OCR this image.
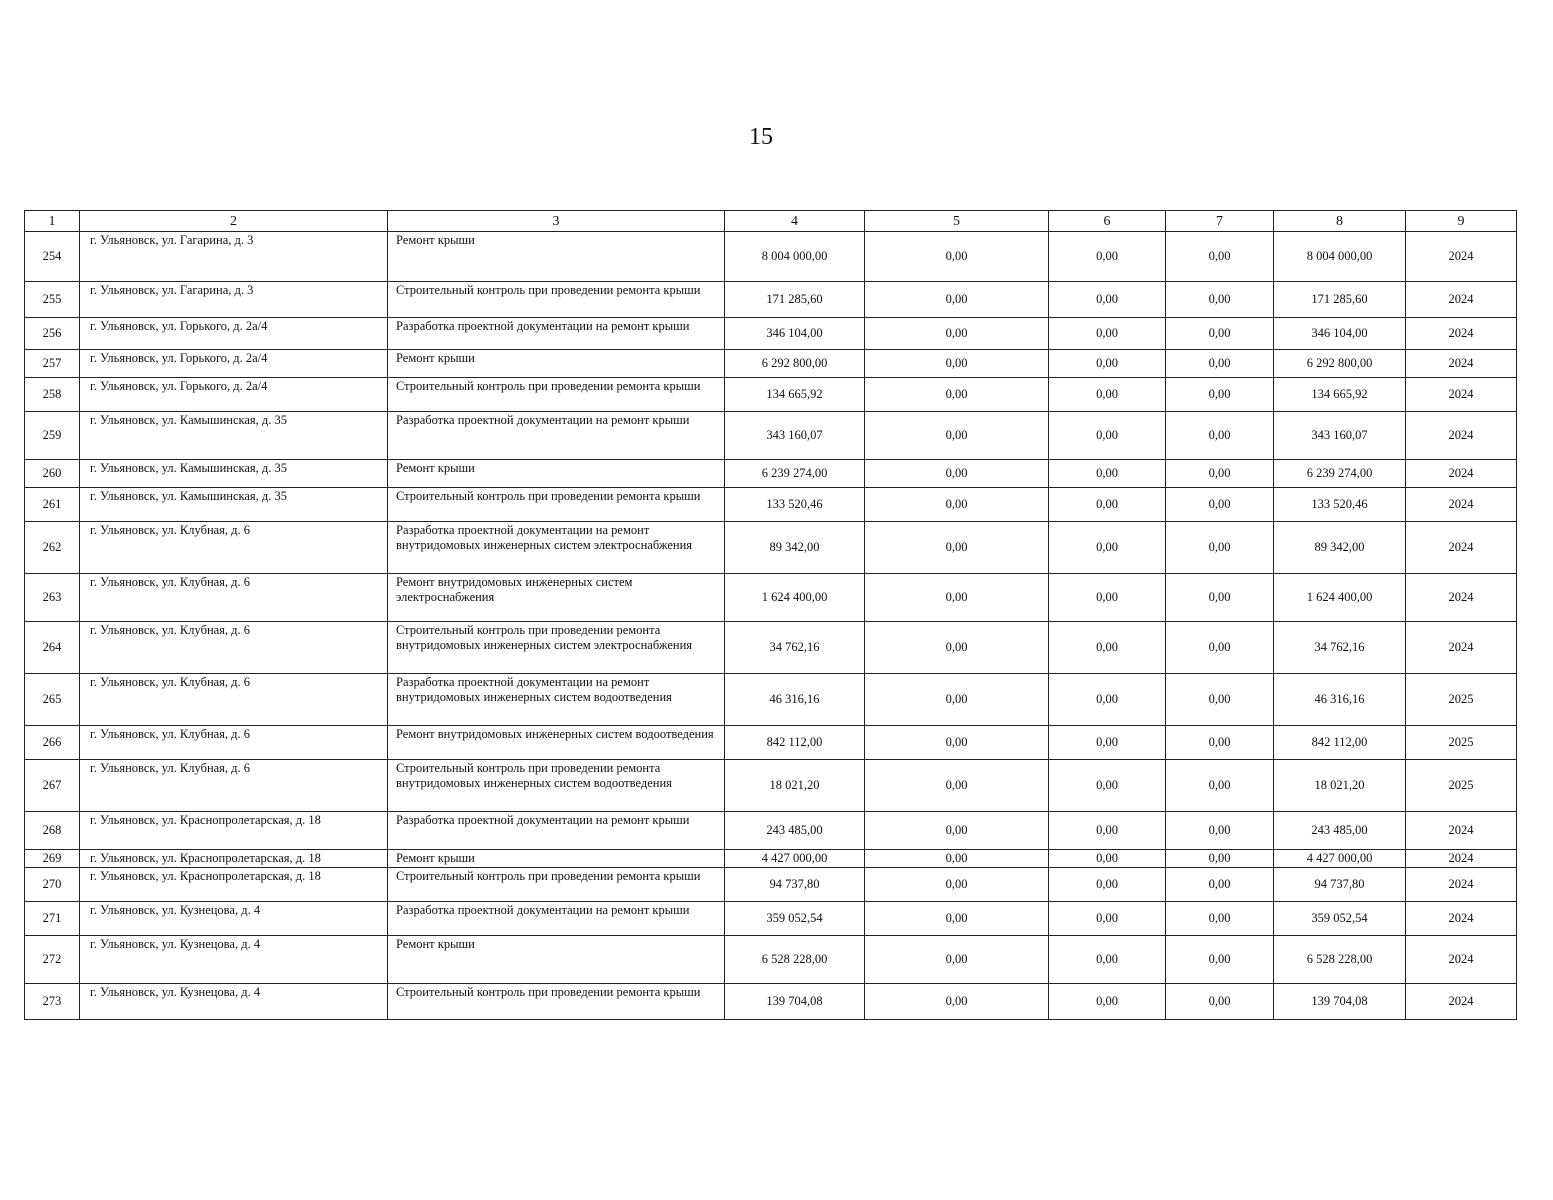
15
1	2	3	4	5	6	7	8	9
254	г. Ульяновск, ул. Гагарина, д. 3	Ремонт крыши	8 004 000,00	0,00	0,00	0,00	8 004 000,00	2024
255	г. Ульяновск, ул. Гагарина, д. 3	Строительный контроль при проведении ремонта крыши	171 285,60	0,00	0,00	0,00	171 285,60	2024
256	г. Ульяновск, ул. Горького, д. 2а/4	Разработка проектной документации на ремонт крыши	346 104,00	0,00	0,00	0,00	346 104,00	2024
257	г. Ульяновск, ул. Горького, д. 2а/4	Ремонт крыши	6 292 800,00	0,00	0,00	0,00	6 292 800,00	2024
258	г. Ульяновск, ул. Горького, д. 2а/4	Строительный контроль при проведении ремонта крыши	134 665,92	0,00	0,00	0,00	134 665,92	2024
259	г. Ульяновск, ул. Камышинская, д. 35	Разработка проектной документации на ремонт крыши	343 160,07	0,00	0,00	0,00	343 160,07	2024
260	г. Ульяновск, ул. Камышинская, д. 35	Ремонт крыши	6 239 274,00	0,00	0,00	0,00	6 239 274,00	2024
261	г. Ульяновск, ул. Камышинская, д. 35	Строительный контроль при проведении ремонта крыши	133 520,46	0,00	0,00	0,00	133 520,46	2024
262	г. Ульяновск, ул. Клубная, д. 6	Разработка проектной документации на ремонт внутридомовых инженерных систем электроснабжения	89 342,00	0,00	0,00	0,00	89 342,00	2024
263	г. Ульяновск, ул. Клубная, д. 6	Ремонт внутридомовых инженерных систем электроснабжения	1 624 400,00	0,00	0,00	0,00	1 624 400,00	2024
264	г. Ульяновск, ул. Клубная, д. 6	Строительный контроль при проведении ремонта внутридомовых инженерных систем электроснабжения	34 762,16	0,00	0,00	0,00	34 762,16	2024
265	г. Ульяновск, ул. Клубная, д. 6	Разработка проектной документации на ремонт внутридомовых инженерных систем водоотведения	46 316,16	0,00	0,00	0,00	46 316,16	2025
266	г. Ульяновск, ул. Клубная, д. 6	Ремонт внутридомовых инженерных систем водоотведения	842 112,00	0,00	0,00	0,00	842 112,00	2025
267	г. Ульяновск, ул. Клубная, д. 6	Строительный контроль при проведении ремонта внутридомовых инженерных систем водоотведения	18 021,20	0,00	0,00	0,00	18 021,20	2025
268	г. Ульяновск, ул. Краснопролетарская, д. 18	Разработка проектной документации на ремонт крыши	243 485,00	0,00	0,00	0,00	243 485,00	2024
269	г. Ульяновск, ул. Краснопролетарская, д. 18	Ремонт крыши	4 427 000,00	0,00	0,00	0,00	4 427 000,00	2024
270	г. Ульяновск, ул. Краснопролетарская, д. 18	Строительный контроль при проведении ремонта крыши	94 737,80	0,00	0,00	0,00	94 737,80	2024
271	г. Ульяновск, ул. Кузнецова, д. 4	Разработка проектной документации на ремонт крыши	359 052,54	0,00	0,00	0,00	359 052,54	2024
272	г. Ульяновск, ул. Кузнецова, д. 4	Ремонт крыши	6 528 228,00	0,00	0,00	0,00	6 528 228,00	2024
273	г. Ульяновск, ул. Кузнецова, д. 4	Строительный контроль при проведении ремонта крыши	139 704,08	0,00	0,00	0,00	139 704,08	2024
